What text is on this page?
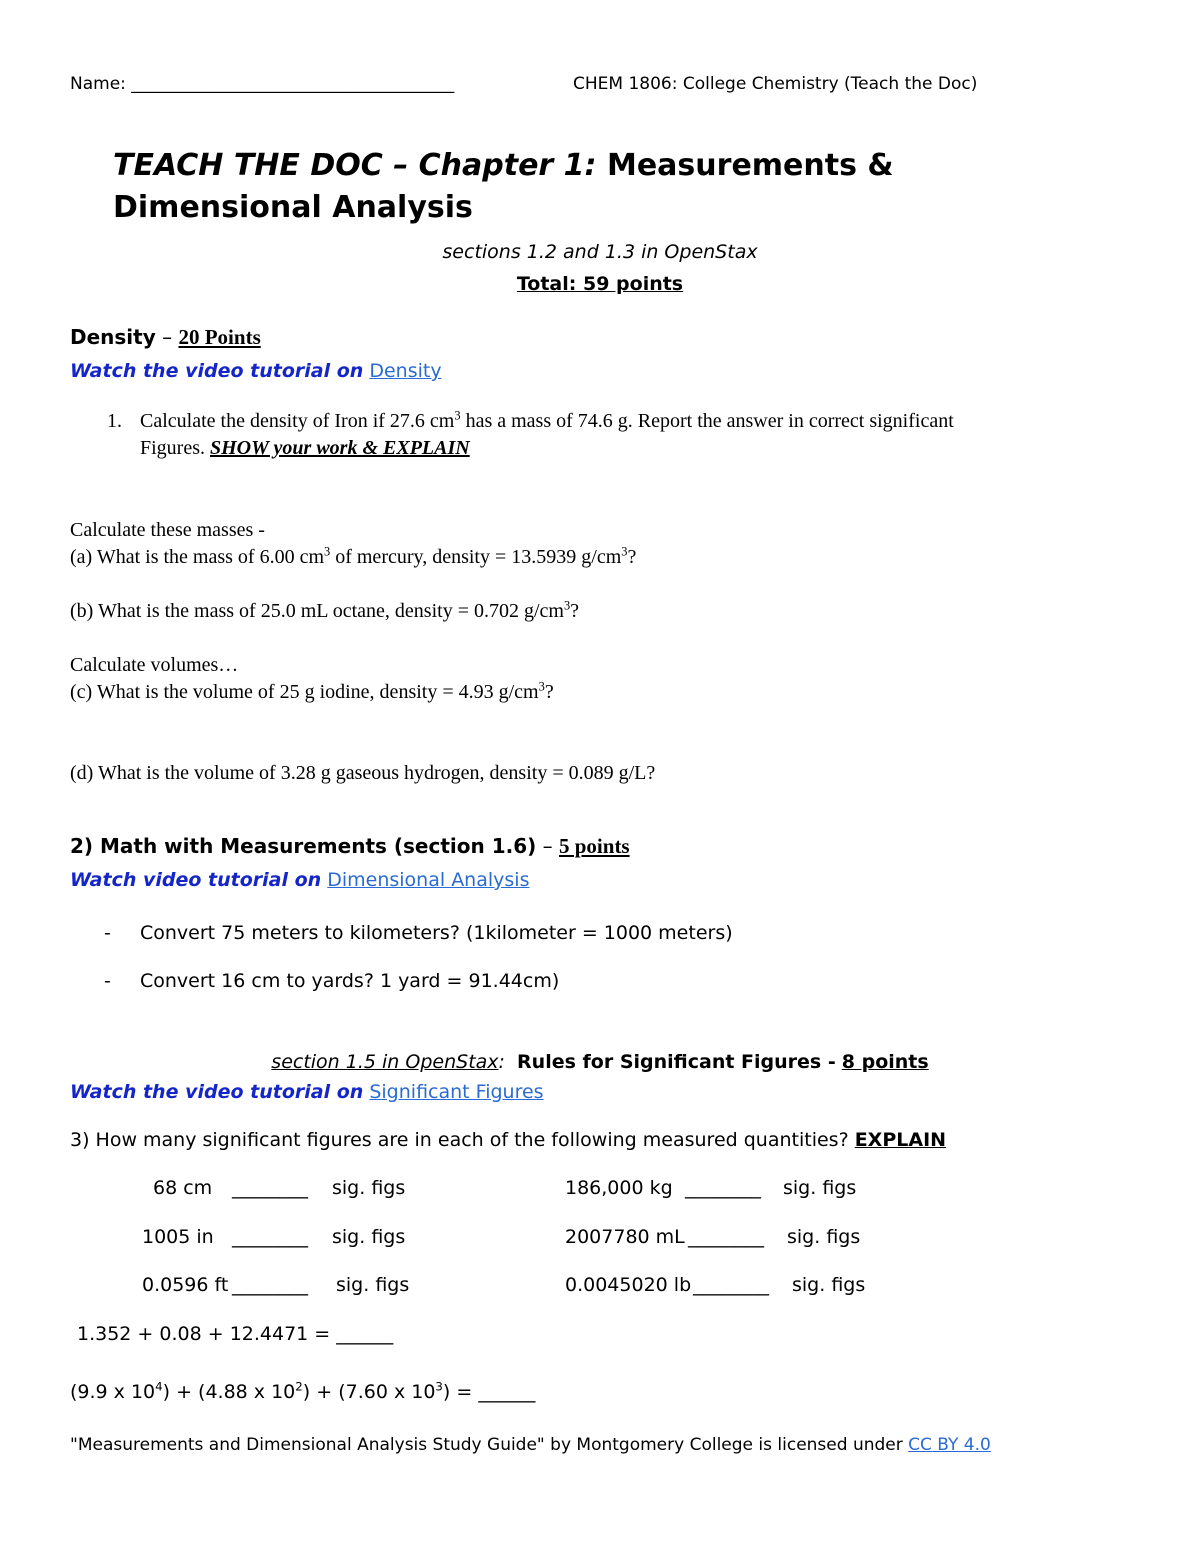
Name: ______________________________________	CHEM 1806: College Chemistry (Teach the Doc)
TEACH THE DOC – Chapter 1: Measurements &
Dimensional Analysis
sections 1.2 and 1.3 in OpenStax
Total: 59 points
Density – 20 Points
Watch the video tutorial on Density
1. Calculate the density of Iron if 27.6 $cm^3$ has a mass of 74.6 g. Report the answer in correct significant
Figures. SHOW your work & EXPLAIN
Calculate these masses -
(a) What is the mass of 6.00 $cm^3$ of mercury, density = 13.5939 $g/cm^3$?
(b) What is the mass of 25.0 mL octane, density = 0.702 $g/cm^3$?
Calculate volumes…
(c) What is the volume of 25 g iodine, density = 4.93 $g/cm^3$?
(d) What is the volume of 3.28 g gaseous hydrogen, density = 0.089 g/L?
2) Math with Measurements (section 1.6) – 5 points
Watch video tutorial on Dimensional Analysis
- Convert 75 meters to kilometers? (1kilometer = 1000 meters)
- Convert 16 cm to yards? 1 yard = 91.44cm)
section 1.5 in OpenStax: Rules for Significant Figures - 8 points
Watch the video tutorial on Significant Figures
3) How many significant figures are in each of the following measured quantities? EXPLAIN
68 cm ________ sig. figs	186,000 kg ________ sig. figs
1005 in ________ sig. figs	2007780 mL ________ sig. figs
0.0596 ft ________ sig. figs	0.0045020 lb ________ sig. figs
1.352 + 0.08 + 12.4471 = ______
(9.9 x $10^4) + (4.88$ x $10^2) + (7.60$ x $10^3$) = ______
"Measurements and Dimensional Analysis Study Guide" by Montgomery College is licensed under CC BY 4.0
